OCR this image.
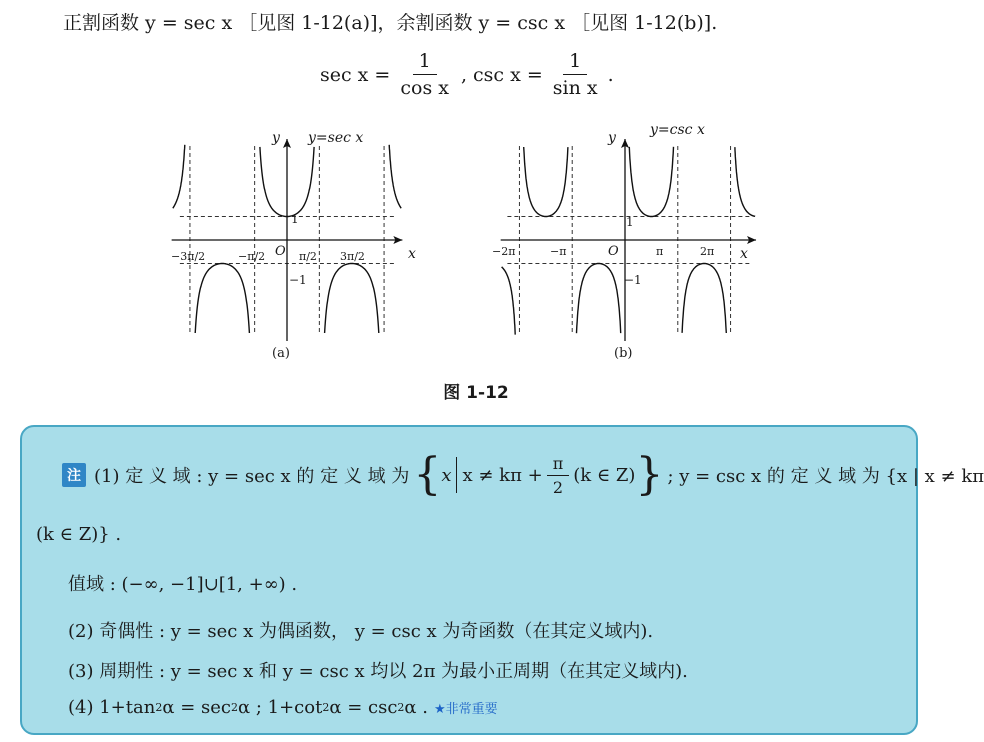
正割函数 y = sec x ［见图 1-12(a)]，余割函数 y = csc x ［见图 1-12(b)].
$\sec x = \frac{1}{\text{cos x}}$ , $\csc x = \frac{1}{\text{sin x}}$ .
y y=sec x
x
O
1
−1
−3π/2	−π/2	π/2 3π/2
(a)
y y=csc x
x
O
1
−1
−2π	−π	π	2π
(b)
图 1-12
注 (1) 定 义 域 : y = sec x 的 定 义 域 为 { x $x \ne k\pi + \frac{\pi}{2} (k$ ∈ Z) } ; y = csc x 的 定 义 域 为 {x | x ≠ kπ
(k ∈ Z)} .
值域 : (−∞, −1]∪[1, +∞) .
(2) 奇偶性 : y = sec x 为偶函数， y = csc x 为奇函数（在其定义域内).
(3) 周期性 : y = sec x 和 y = csc x 均以 2π 为最小正周期（在其定义域内).
(4) 1+tan 2 α = sec 2 α ; 1+cot 2 α = csc 2 α . ★非常重要
